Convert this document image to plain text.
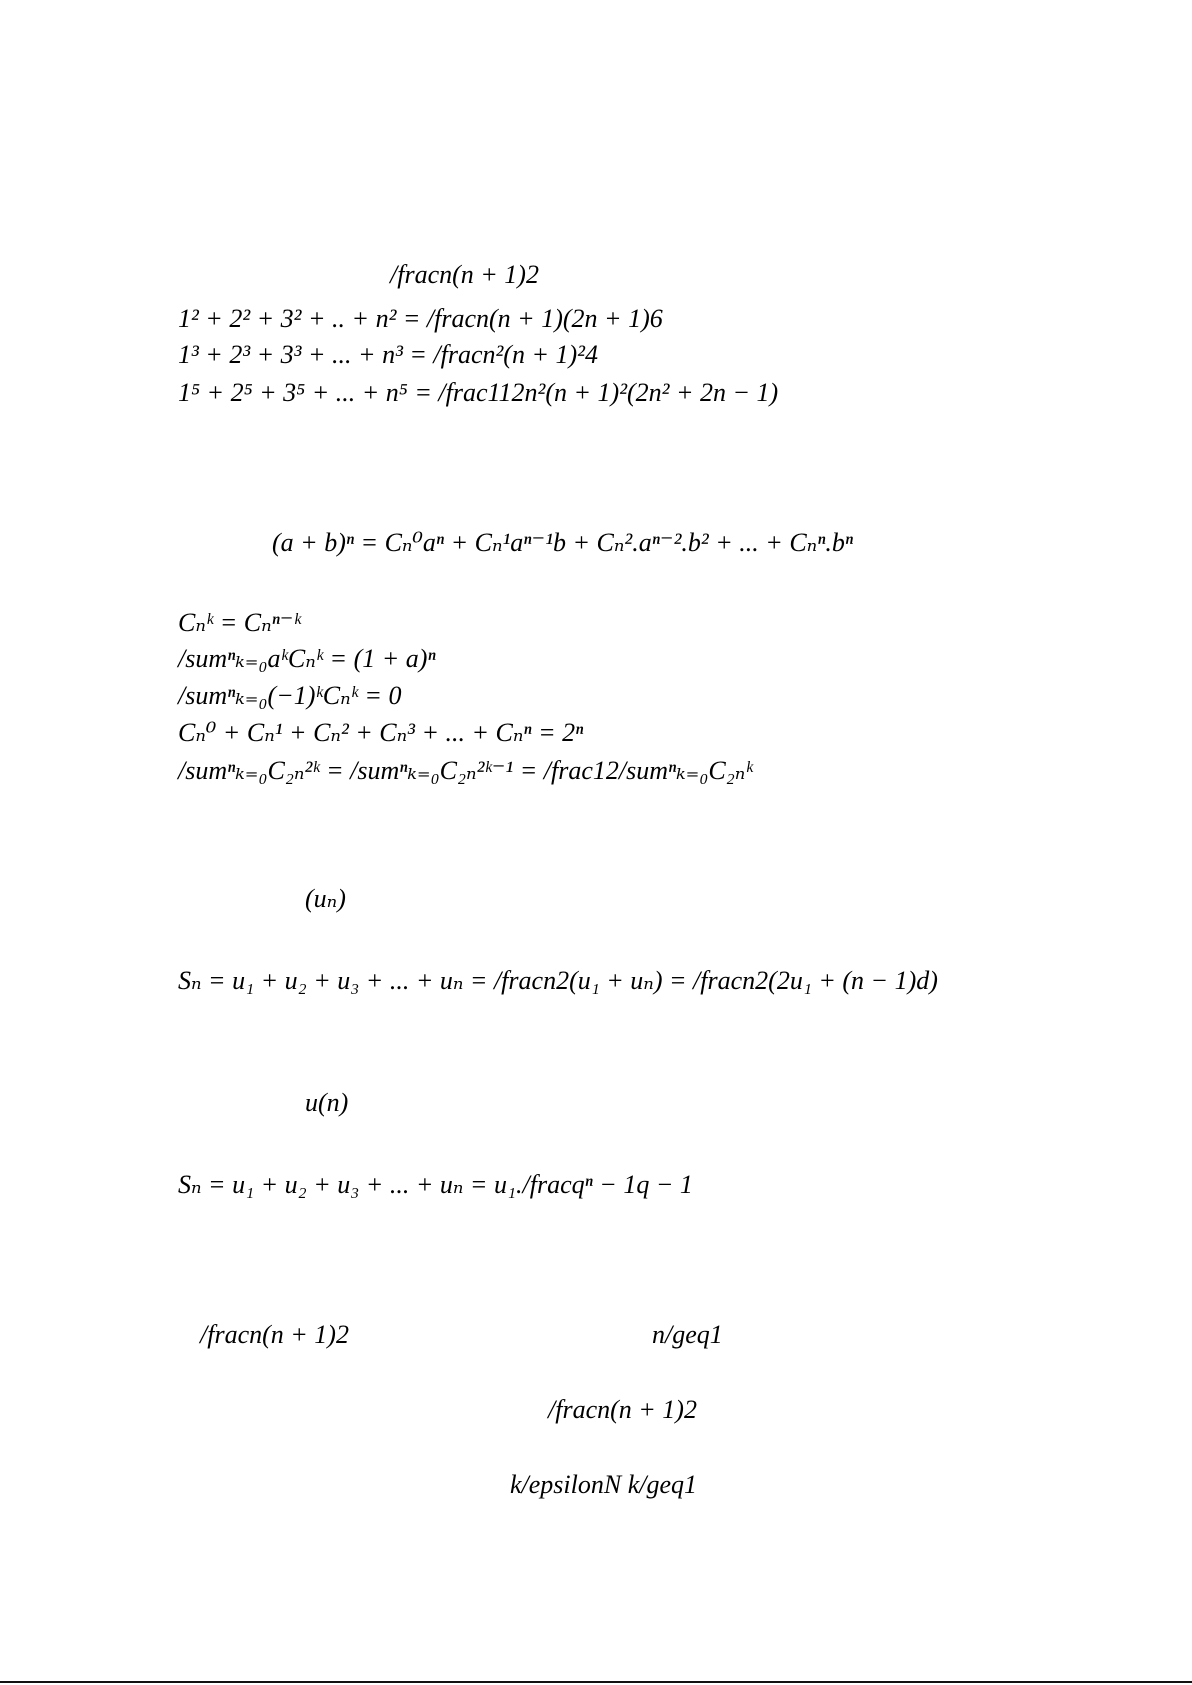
/fracn(n + 1)2
1² + 2² + 3² + .. + n² = /fracn(n + 1)(2n + 1)6
1³ + 2³ + 3³ + ... + n³ = /fracn²(n + 1)²4
1⁵ + 2⁵ + 3⁵ + ... + n⁵ = /frac112n²(n + 1)²(2n² + 2n − 1)
(a + b)ⁿ = Cₙ⁰aⁿ + Cₙ¹aⁿ⁻¹b + Cₙ².aⁿ⁻².b² + ... + Cₙⁿ.bⁿ
Cₙᵏ = Cₙⁿ⁻ᵏ
/sumⁿₖ₌₀aᵏCₙᵏ = (1 + a)ⁿ
/sumⁿₖ₌₀(−1)ᵏCₙᵏ = 0
Cₙ⁰ + Cₙ¹ + Cₙ² + Cₙ³ + ... + Cₙⁿ = 2ⁿ
/sumⁿₖ₌₀C₂ₙ²ᵏ = /sumⁿₖ₌₀C₂ₙ²ᵏ⁻¹ = /frac12/sumⁿₖ₌₀C₂ₙᵏ
(uₙ)
Sₙ = u₁ + u₂ + u₃ + ... + uₙ = /fracn2(u₁ + uₙ) = /fracn2(2u₁ + (n − 1)d)
u(n)
Sₙ = u₁ + u₂ + u₃ + ... + uₙ = u₁./fracqⁿ − 1q − 1
/fracn(n + 1)2	n/geq1
/fracn(n + 1)2
k/epsilonN k/geq1
